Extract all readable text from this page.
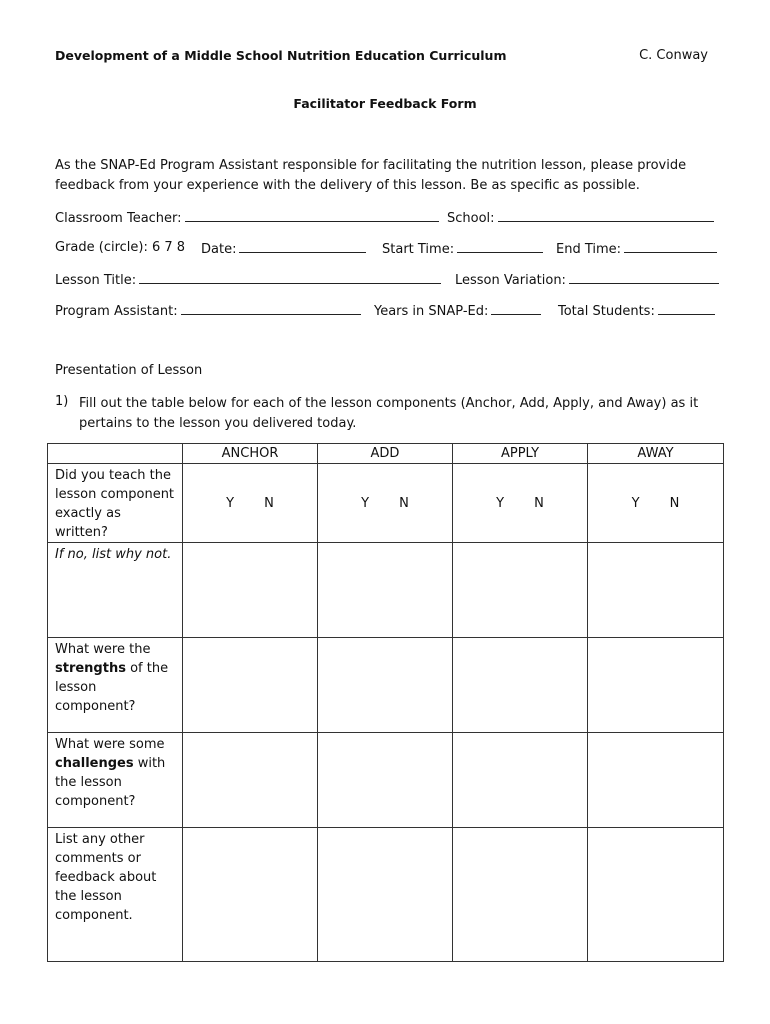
Development of a Middle School Nutrition Education Curriculum	C. Conway
Facilitator Feedback Form
As the SNAP-Ed Program Assistant responsible for facilitating the nutrition lesson, please provide feedback from your experience with the delivery of this lesson. Be as specific as possible.
Classroom Teacher:	School:
Grade (circle): 6 7 8 Date:	Start Time:	End Time:
Lesson Title:	Lesson Variation:
Program Assistant:	Years in SNAP-Ed:	Total Students:
Presentation of Lesson
1) Fill out the table below for each of the lesson components (Anchor, Add, Apply, and Away) as it pertains to the lesson you delivered today.
	ANCHOR	ADD	APPLY	AWAY
Did you teach the lesson component exactly as written?	Y N	Y N	Y N	Y N
If no, list why not.				
What were the strengths of the lesson component?				
What were some challenges with the lesson component?				
List any other comments or feedback about the lesson component.				
